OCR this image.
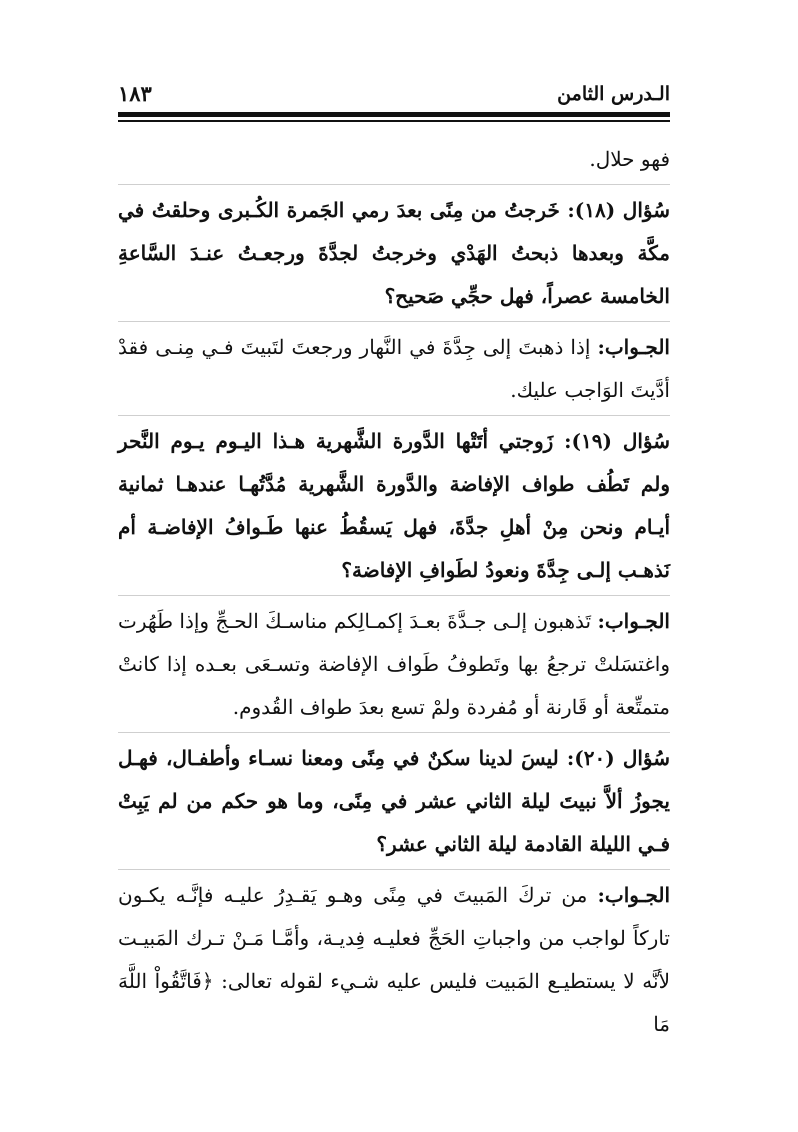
الـدرس الثامن
١٨٣

فهو حلال.

سُؤال (١٨): خَرجتُ من مِنًى بعدَ رمي الجَمرة الكُـبرى وحلقتُ في مكَّة وبعدها ذبحتُ الهَدْي وخرجتُ لجدَّةَ ورجعـتُ عنـدَ السَّاعةِ الخامسة عصراً، فهل حجِّي صَحيح؟

الجـواب: إذا ذهبتَ إلى جِدَّةَ في النَّهار ورجعتَ لتَبيتَ فـي مِنـى فقدْ أدَّيتَ الوَاجب عليك.

سُؤال (١٩): زَوجتي أتَتْها الدَّورة الشَّهرية هـذا اليـوم يـوم النَّحر ولم تَطُف طواف الإفاضة والدَّورة الشَّهرية مُدَّتُهـا عندهـا ثمانية أيـام ونحن مِنْ أهلِ جدَّةَ، فهل يَسقُطُ عنها طَـوافُ الإفاضـة أم نَذهـب إلـى جِدَّةَ ونعودُ لطَوافِ الإفاضة؟

الجـواب: تَذهبون إلـى جـدَّةَ بعـدَ إكمـالِكم مناسـكَ الحـجِّ وإذا طَهُرت واغتسَلتْ ترجعُ بها وتَطوفُ طَواف الإفاضة وتسـعَى بعـده إذا كانتْ متمتِّعة أو قَارنة أو مُفردة ولمْ تسع بعدَ طواف القُدوم.

سُؤال (٢٠): ليسَ لدينا سكنٌ في مِنًى ومعنا نسـاء وأطفـال، فهـل يجوزُ ألاَّ نبيتَ ليلة الثاني عشر في مِنًى، وما هو حكم من لم يَبِتْ فـي الليلة القادمة ليلة الثاني عشر؟

الجـواب: من تركَ المَبيتَ في مِنًى وهـو يَقـدِرُ عليـه فإنَّـه يكـون تاركاً لواجب من واجباتِ الحَجِّ فعليـه فِديـة، وأمَّـا مَـنْ تـرك المَبيـت لأنَّه لا يستطيـع المَبيت فليس عليه شـيء لقوله تعالى: ﴿فَاتَّقُواْ اللَّهَ مَا
